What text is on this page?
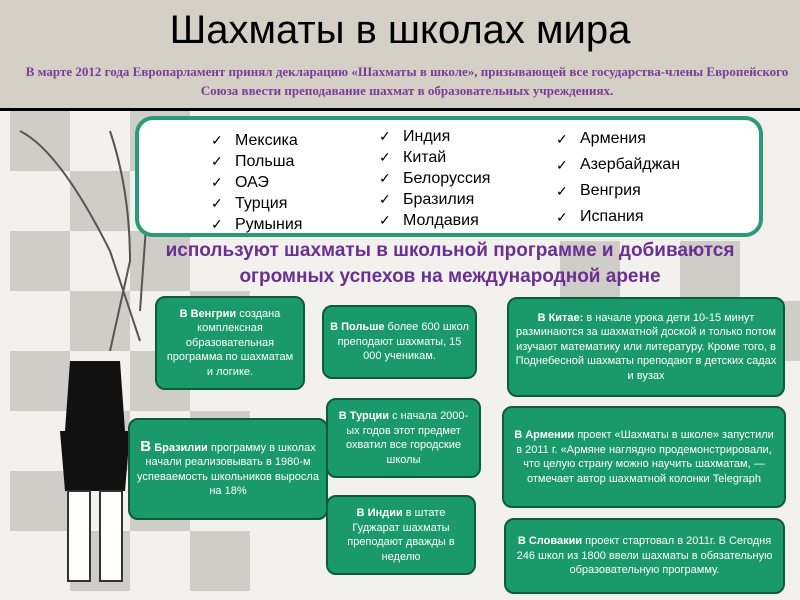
Шахматы в школах мира
В марте 2012 года Европарламент принял декларацию «Шахматы в школе», призывающей все государства-члены Европейского Союза ввести преподавание шахмат в образовательных учреждениях.
✓ Мексика
✓ Польша
✓ ОАЭ
✓ Турция
✓ Румыния
✓ Индия
✓ Китай
✓ Белоруссия
✓ Бразилия
✓ Молдавия
✓ Армения
✓ Азербайджан
✓ Венгрия
✓ Испания
используют шахматы в школьной программе и добиваются огромных успехов на международной арене
В Венгрии создана комплексная образовательная программа по шахматам и логике.
В Польше более 600 школ преподают шахматы, 15 000 ученикам.
В Китае: в начале урока дети 10-15 минут разминаются за шахматной доской и только потом изучают математику или литературу. Кроме того, в Поднебесной шахматы преподают в детских садах и вузах
В Бразилии программу в школах начали реализовывать в 1980-м успеваемость школьников выросла на 18%
В Турции с начала 2000-ых годов этот предмет охватил все городские школы
В Армении проект «Шахматы в школе» запустили в 2011 г. «Армяне наглядно продемонстрировали, что целую страну можно научить шахматам, — отмечает автор шахматной колонки Telegraph
В Индии в штате Гуджарат шахматы преподают дважды в неделю
В Словакии проект стартовал в 2011г. В Сегодня 246 школ из 1800 ввели шахматы в обязательную образовательную программу.
